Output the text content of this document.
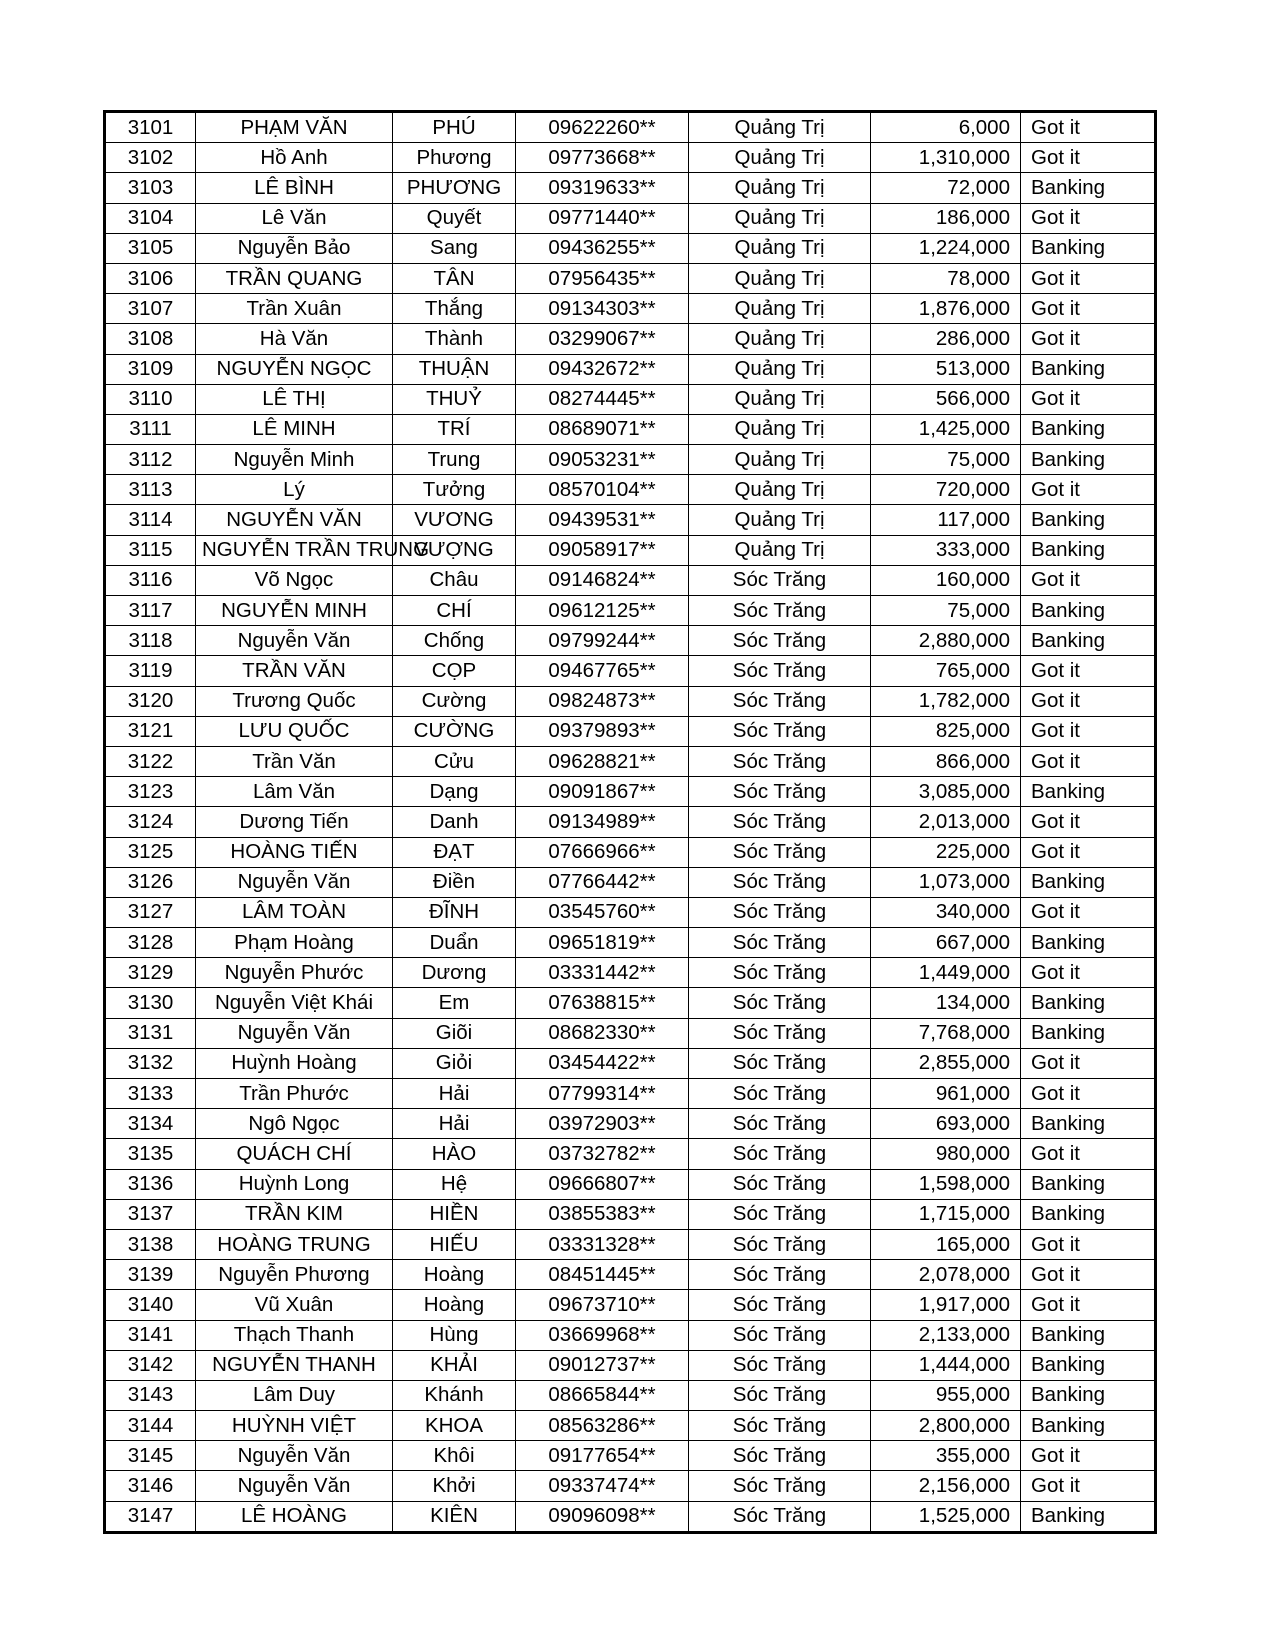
3101	PHẠM VĂN	PHÚ	09622260**	Quảng Trị	6,000	Got it
3102	Hồ Anh	Phương	09773668**	Quảng Trị	1,310,000	Got it
3103	LÊ BÌNH	PHƯƠNG	09319633**	Quảng Trị	72,000	Banking
3104	Lê Văn	Quyết	09771440**	Quảng Trị	186,000	Got it
3105	Nguyễn Bảo	Sang	09436255**	Quảng Trị	1,224,000	Banking
3106	TRẦN QUANG	TÂN	07956435**	Quảng Trị	78,000	Got it
3107	Trần Xuân	Thắng	09134303**	Quảng Trị	1,876,000	Got it
3108	Hà Văn	Thành	03299067**	Quảng Trị	286,000	Got it
3109	NGUYỄN NGỌC	THUẬN	09432672**	Quảng Trị	513,000	Banking
3110	LÊ THỊ	THUỶ	08274445**	Quảng Trị	566,000	Got it
3111	LÊ MINH	TRÍ	08689071**	Quảng Trị	1,425,000	Banking
3112	Nguyễn Minh	Trung	09053231**	Quảng Trị	75,000	Banking
3113	Lý	Tưởng	08570104**	Quảng Trị	720,000	Got it
3114	NGUYỄN VĂN	VƯƠNG	09439531**	Quảng Trị	117,000	Banking
3115	NGUYỄN TRẦN TRUNG	VƯỢNG	09058917**	Quảng Trị	333,000	Banking
3116	Võ Ngọc	Châu	09146824**	Sóc Trăng	160,000	Got it
3117	NGUYỄN MINH	CHÍ	09612125**	Sóc Trăng	75,000	Banking
3118	Nguyễn Văn	Chống	09799244**	Sóc Trăng	2,880,000	Banking
3119	TRẦN VĂN	CỌP	09467765**	Sóc Trăng	765,000	Got it
3120	Trương Quốc	Cường	09824873**	Sóc Trăng	1,782,000	Got it
3121	LƯU QUỐC	CƯỜNG	09379893**	Sóc Trăng	825,000	Got it
3122	Trần Văn	Cửu	09628821**	Sóc Trăng	866,000	Got it
3123	Lâm Văn	Dạng	09091867**	Sóc Trăng	3,085,000	Banking
3124	Dương Tiến	Danh	09134989**	Sóc Trăng	2,013,000	Got it
3125	HOÀNG TIẾN	ĐẠT	07666966**	Sóc Trăng	225,000	Got it
3126	Nguyễn Văn	Điền	07766442**	Sóc Trăng	1,073,000	Banking
3127	LÂM TOÀN	ĐĨNH	03545760**	Sóc Trăng	340,000	Got it
3128	Phạm Hoàng	Duẩn	09651819**	Sóc Trăng	667,000	Banking
3129	Nguyễn Phước	Dương	03331442**	Sóc Trăng	1,449,000	Got it
3130	Nguyễn Việt Khái	Em	07638815**	Sóc Trăng	134,000	Banking
3131	Nguyễn Văn	Giõi	08682330**	Sóc Trăng	7,768,000	Banking
3132	Huỳnh Hoàng	Giỏi	03454422**	Sóc Trăng	2,855,000	Got it
3133	Trần Phước	Hải	07799314**	Sóc Trăng	961,000	Got it
3134	Ngô Ngọc	Hải	03972903**	Sóc Trăng	693,000	Banking
3135	QUÁCH CHÍ	HÀO	03732782**	Sóc Trăng	980,000	Got it
3136	Huỳnh Long	Hệ	09666807**	Sóc Trăng	1,598,000	Banking
3137	TRẦN KIM	HIỀN	03855383**	Sóc Trăng	1,715,000	Banking
3138	HOÀNG TRUNG	HIẾU	03331328**	Sóc Trăng	165,000	Got it
3139	Nguyễn Phương	Hoàng	08451445**	Sóc Trăng	2,078,000	Got it
3140	Vũ Xuân	Hoàng	09673710**	Sóc Trăng	1,917,000	Got it
3141	Thạch Thanh	Hùng	03669968**	Sóc Trăng	2,133,000	Banking
3142	NGUYỄN THANH	KHẢI	09012737**	Sóc Trăng	1,444,000	Banking
3143	Lâm Duy	Khánh	08665844**	Sóc Trăng	955,000	Banking
3144	HUỲNH VIỆT	KHOA	08563286**	Sóc Trăng	2,800,000	Banking
3145	Nguyễn Văn	Khôi	09177654**	Sóc Trăng	355,000	Got it
3146	Nguyễn Văn	Khởi	09337474**	Sóc Trăng	2,156,000	Got it
3147	LÊ HOÀNG	KIÊN	09096098**	Sóc Trăng	1,525,000	Banking
